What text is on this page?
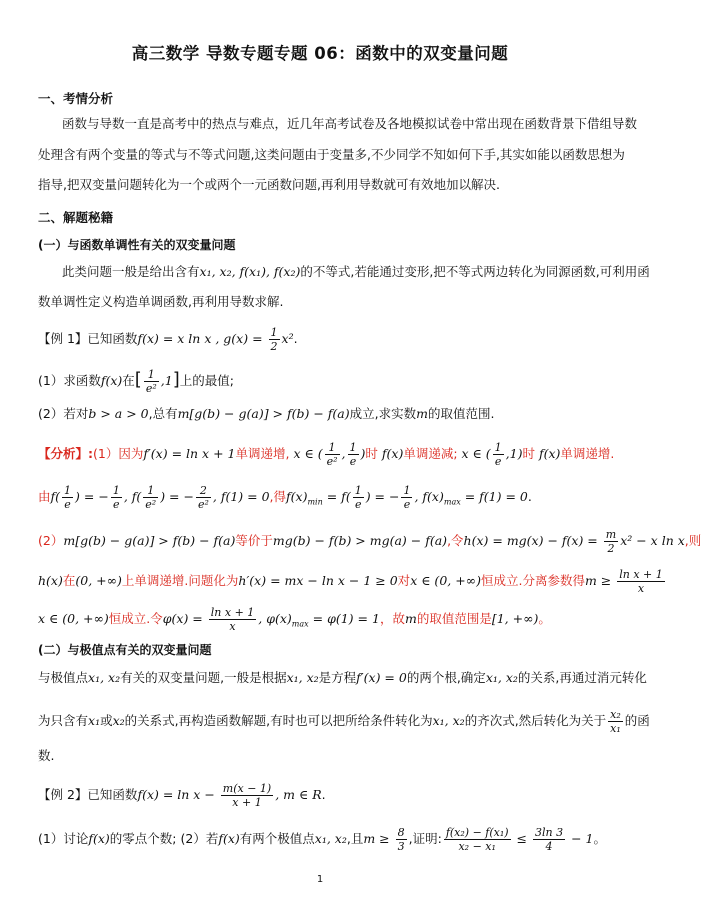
高三数学 导数专题专题 06：函数中的双变量问题
一、考情分析
函数与导数一直是高考中的热点与难点，近几年高考试卷及各地模拟试卷中常出现在函数背景下借组导数
处理含有两个变量的等式与不等式问题,这类问题由于变量多,不少同学不知如何下手,其实如能以函数思想为
指导,把双变量问题转化为一个或两个一元函数问题,再利用导数就可有效地加以解决.
二、解题秘籍
(一）与函数单调性有关的双变量问题
此类问题一般是给出含有x₁, x₂, f(x₁), f(x₂)的不等式,若能通过变形,把不等式两边转化为同源函数,可利用函
数单调性定义构造单调函数,再利用导数求解.
【例 1】已知函数f(x) = x ln x , $g(x) = \frac{1}{2} x^2$.
(1）求函数f(x)在[ $\frac{1}{\text{e²}} ,1$]上的最值;
(2）若对b > a > 0,总有m[g(b) − g(a)] > f(b) − f(a)成立,求实数m的取值范围.
【分析】:(1）因为f′(x) = ln x + 1单调递增, x ∈ ( $\frac{1}{\text{e²}}$ , $\frac{1}{e}$ )时 f(x)单调递减; x ∈ ( $\frac{1}{e} ,1$)时 f(x)单调递增.
由$f( \frac{1}{e}$ ) = − $\frac{1}{e}$ , $f( \frac{1}{\text{e²}}$ ) = − $\frac{2}{\text{e²}}$ , f(1) = 0,得$f(x)_{min} = f( \frac{1}{e}$ ) = − $\frac{1}{e}$ , $f(x)_{max} = f(1) = 0$.
(2）m[g(b) − g(a)] > f(b) − f(a)等价于mg(b) − f(b) > mg(a) − f(a),令$h(x) = mg(x) - f(x) = \frac{m}{2} x^2 - x$ ln x,则
h(x)在(0, +∞)上单调递增.问题化为h′(x) = mx − ln x − 1 ≥ 0对x ∈ (0, +∞)恒成立.分离参数得$m \ge \frac{\text{ln x + 1}}{x}$
x ∈ (0, +∞)恒成立.令$\varphi(x) = \frac{\text{ln x + 1}}{x}$ , $\varphi(x)_{max} = \varphi(1) = 1$，故m的取值范围是[1, +∞)。
(二）与极值点有关的双变量问题
与极值点x₁, x₂有关的双变量问题,一般是根据x₁, x₂是方程f′(x) = 0的两个根,确定x₁, x₂的关系,再通过消元转化
为只含有x₁或x₂的关系式,再构造函数解题,有时也可以把所给条件转化为x₁, x₂的齐次式,然后转化为关于 $\frac{\text{x₂}}{\text{x₁}}$ 的函
数.
【例 2】已知函数$f(x) = \ln x - \frac{m(x - 1)}{x + 1}$ , m ∈ R.
(1）讨论f(x)的零点个数; (2）若f(x)有两个极值点x₁, x₂,且$m \ge \frac{8}{3}$ ,证明: $\frac{\text{f(x₂) − f(x₁)}}{\text{x₂ − x₁}} \le \frac{3\ln 3}{4} - 1$。
1
